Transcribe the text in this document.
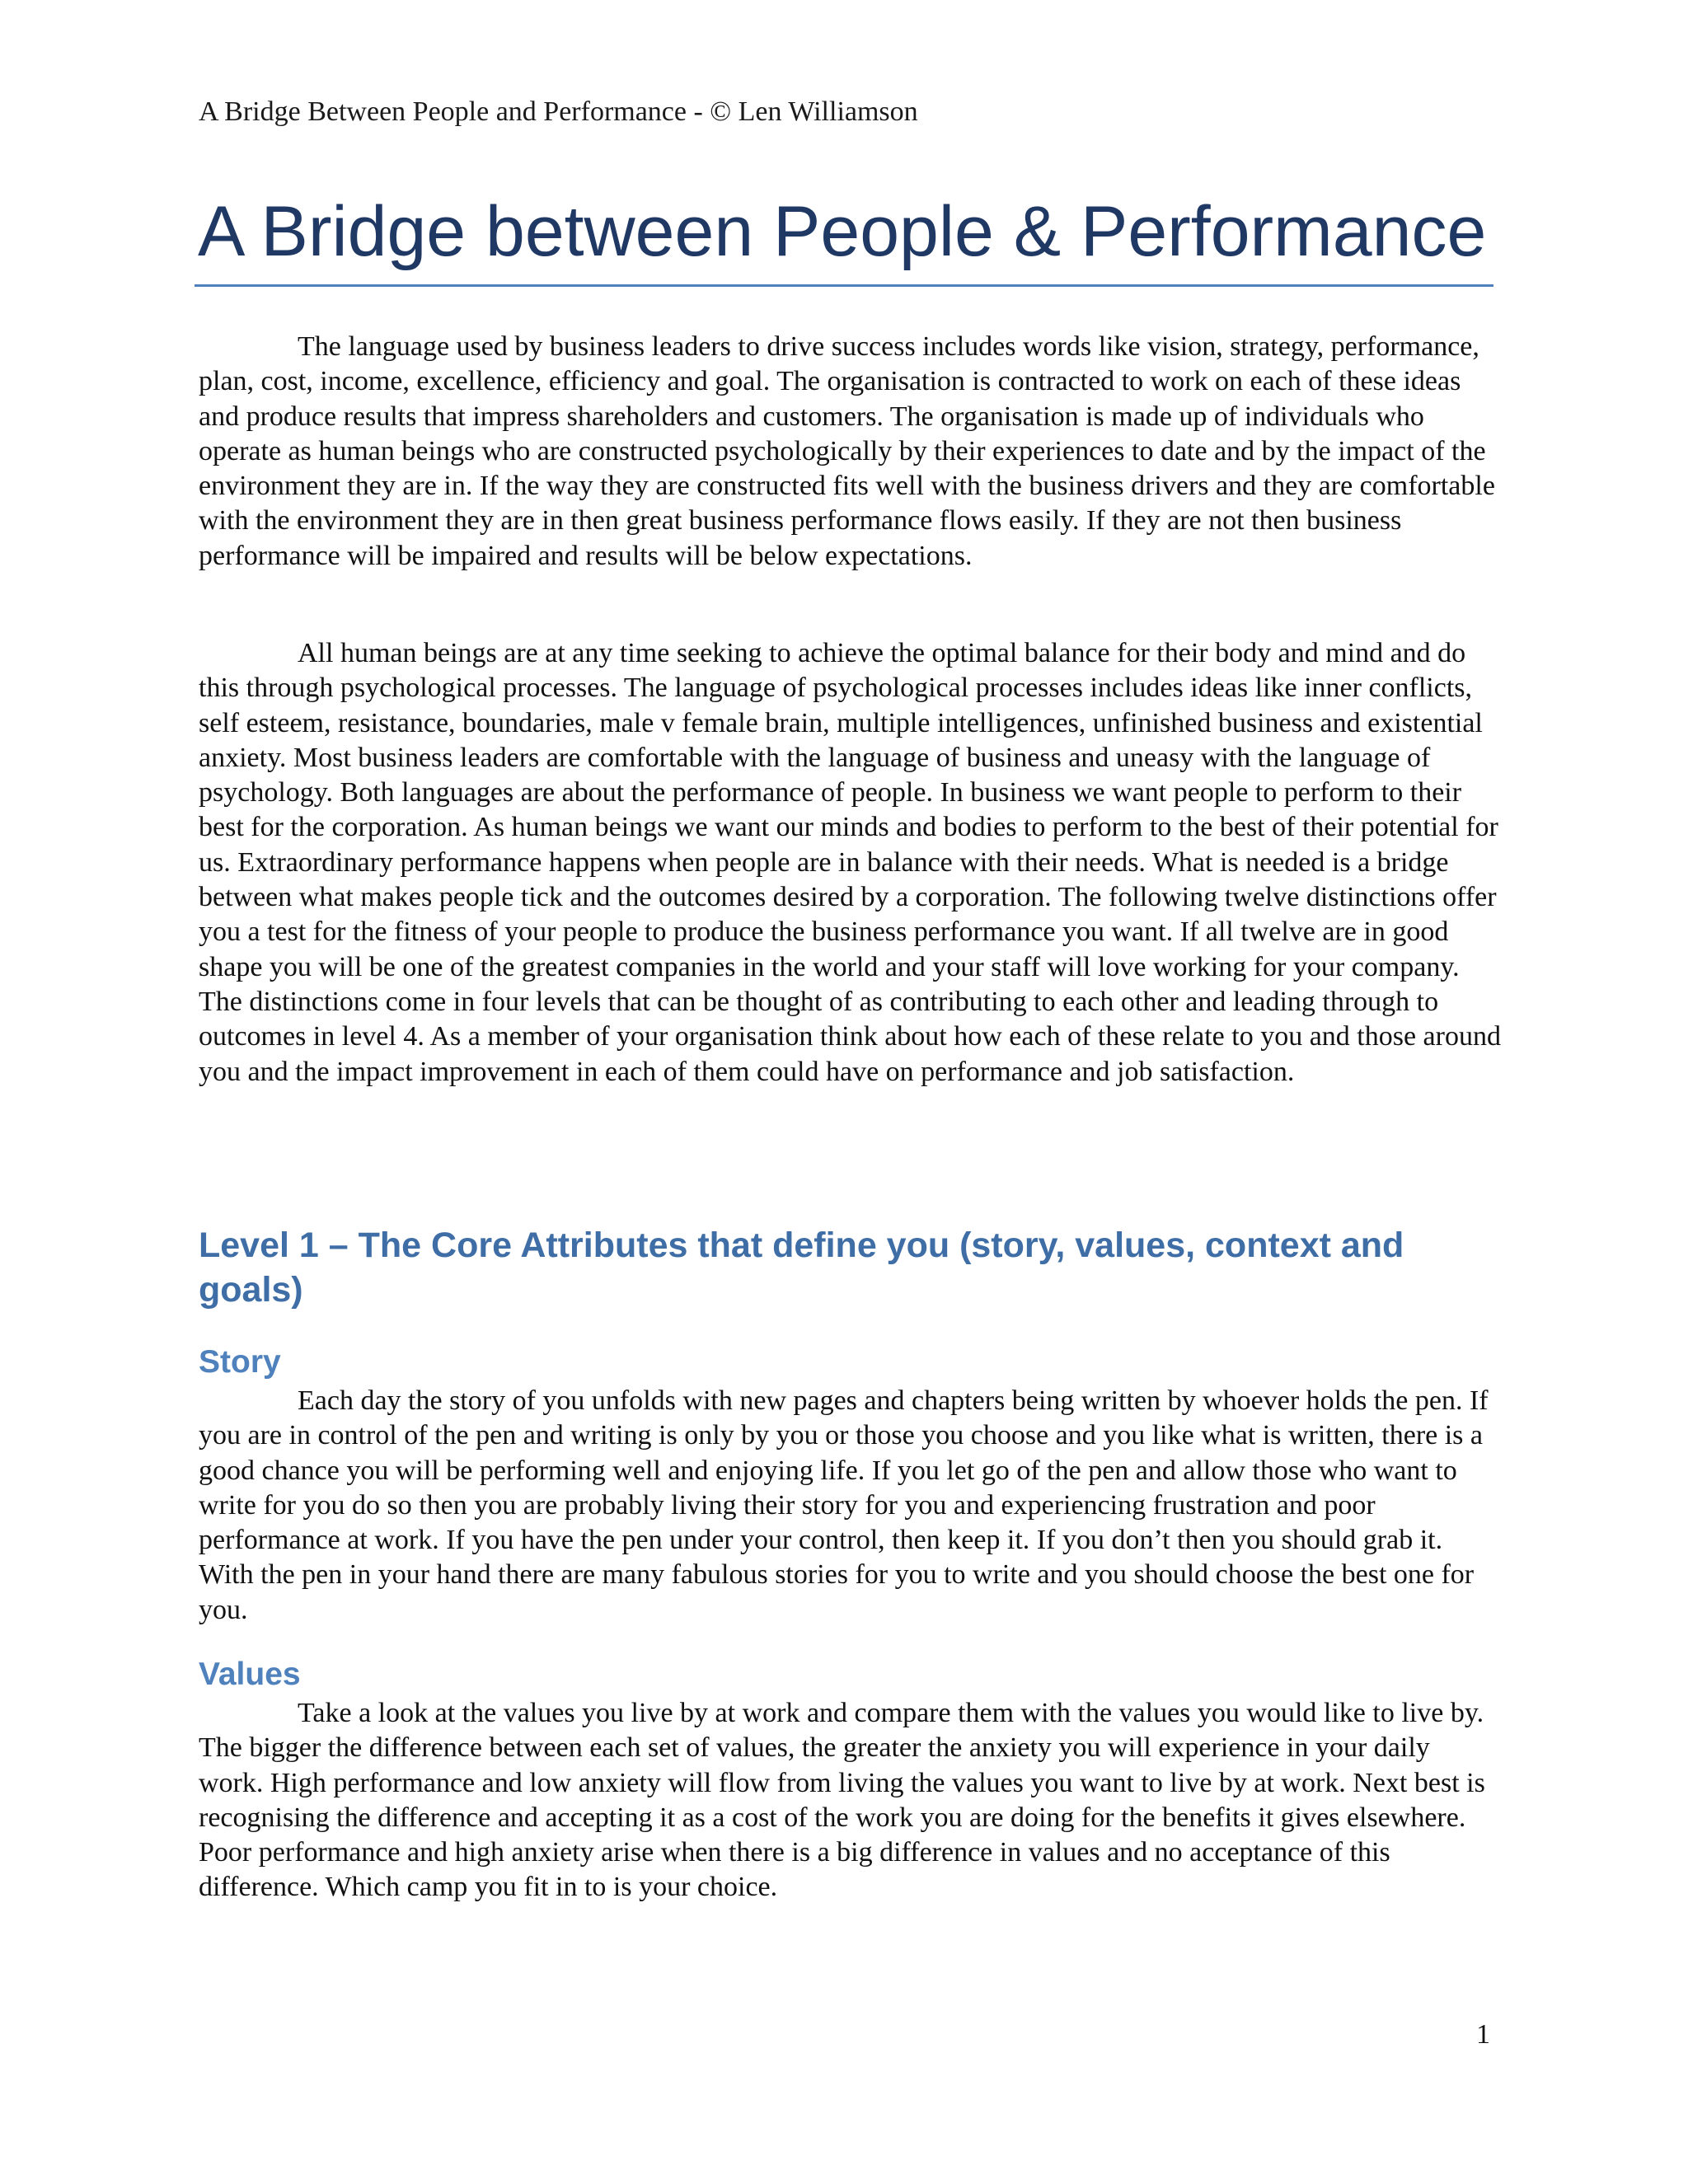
A Bridge Between People and Performance - © Len Williamson
A Bridge between People & Performance

The language used by business leaders to drive success includes words like vision, strategy, performance, plan, cost, income, excellence, efficiency and goal. The organisation is contracted to work on each of these ideas and produce results that impress shareholders and customers. The organisation is made up of individuals who operate as human beings who are constructed psychologically by their experiences to date and by the impact of the environment they are in. If the way they are constructed fits well with the business drivers and they are comfortable with the environment they are in then great business performance flows easily. If they are not then business performance will be impaired and results will be below expectations.

All human beings are at any time seeking to achieve the optimal balance for their body and mind and do this through psychological processes. The language of psychological processes includes ideas like inner conflicts, self esteem, resistance, boundaries, male v female brain, multiple intelligences, unfinished business and existential anxiety. Most business leaders are comfortable with the language of business and uneasy with the language of psychology. Both languages are about the performance of people. In business we want people to perform to their best for the corporation. As human beings we want our minds and bodies to perform to the best of their potential for us. Extraordinary performance happens when people are in balance with their needs. What is needed is a bridge between what makes people tick and the outcomes desired by a corporation. The following twelve distinctions offer you a test for the fitness of your people to produce the business performance you want. If all twelve are in good shape you will be one of the greatest companies in the world and your staff will love working for your company. The distinctions come in four levels that can be thought of as contributing to each other and leading through to outcomes in level 4. As a member of your organisation think about how each of these relate to you and those around you and the impact improvement in each of them could have on performance and job satisfaction.

Level 1 – The Core Attributes that define you (story, values, context and goals)
Story

Each day the story of you unfolds with new pages and chapters being written by whoever holds the pen. If you are in control of the pen and writing is only by you or those you choose and you like what is written, there is a good chance you will be performing well and enjoying life. If you let go of the pen and allow those who want to write for you do so then you are probably living their story for you and experiencing frustration and poor performance at work. If you have the pen under your control, then keep it. If you don’t then you should grab it. With the pen in your hand there are many fabulous stories for you to write and you should choose the best one for you.

Values

Take a look at the values you live by at work and compare them with the values you would like to live by. The bigger the difference between each set of values, the greater the anxiety you will experience in your daily work. High performance and low anxiety will flow from living the values you want to live by at work. Next best is recognising the difference and accepting it as a cost of the work you are doing for the benefits it gives elsewhere. Poor performance and high anxiety arise when there is a big difference in values and no acceptance of this difference. Which camp you fit in to is your choice.

1
